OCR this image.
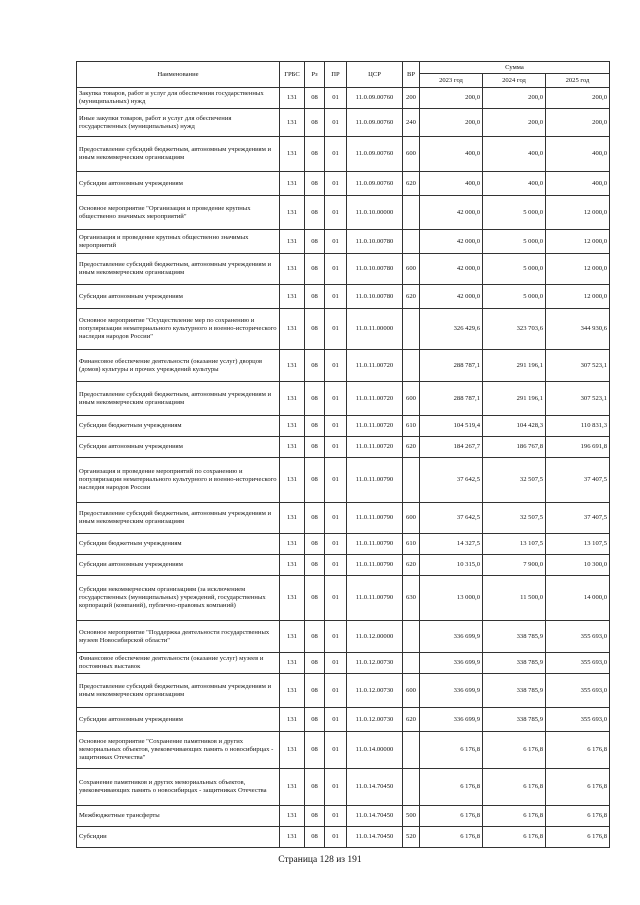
Наименование	ГРБС	Рз	ПР	ЦСР	ВР	Сумма		
						2023 год	2024 год	2025 год
Закупка товаров, работ и услуг для обеспечения государственных (муниципальных) нужд	131	08	01	11.0.09.00760	200	200,0	200,0	200,0
Иные закупки товаров, работ и услуг для обеспечения государственных (муниципальных) нужд	131	08	01	11.0.09.00760	240	200,0	200,0	200,0
Предоставление субсидий бюджетным, автономным учреждениям и иным некоммерческим организациям	131	08	01	11.0.09.00760	600	400,0	400,0	400,0
Субсидии автономным учреждениям	131	08	01	11.0.09.00760	620	400,0	400,0	400,0
Основное мероприятие "Организация и проведение крупных общественно значимых мероприятий"	131	08	01	11.0.10.00000		42 000,0	5 000,0	12 000,0
Организация и проведение крупных общественно значимых мероприятий	131	08	01	11.0.10.00780		42 000,0	5 000,0	12 000,0
Предоставление субсидий бюджетным, автономным учреждениям и иным некоммерческим организациям	131	08	01	11.0.10.00780	600	42 000,0	5 000,0	12 000,0
Субсидии автономным учреждениям	131	08	01	11.0.10.00780	620	42 000,0	5 000,0	12 000,0
Основное мероприятие "Осуществление мер по сохранению и популяризации нематериального культурного и военно-исторического наследия народов России"	131	08	01	11.0.11.00000		326 429,6	323 703,6	344 930,6
Финансовое обеспечение деятельности (оказание услуг) дворцов (домов) культуры и прочих учреждений культуры	131	08	01	11.0.11.00720		288 787,1	291 196,1	307 523,1
Предоставление субсидий бюджетным, автономным учреждениям и иным некоммерческим организациям	131	08	01	11.0.11.00720	600	288 787,1	291 196,1	307 523,1
Субсидии бюджетным учреждениям	131	08	01	11.0.11.00720	610	104 519,4	104 428,3	110 831,3
Субсидии автономным учреждениям	131	08	01	11.0.11.00720	620	184 267,7	186 767,8	196 691,8
Организация и проведение мероприятий по сохранению и популяризации нематериального культурного и военно-исторического наследия народов России	131	08	01	11.0.11.00790		37 642,5	32 507,5	37 407,5
Предоставление субсидий бюджетным, автономным учреждениям и иным некоммерческим организациям	131	08	01	11.0.11.00790	600	37 642,5	32 507,5	37 407,5
Субсидии бюджетным учреждениям	131	08	01	11.0.11.00790	610	14 327,5	13 107,5	13 107,5
Субсидии автономным учреждениям	131	08	01	11.0.11.00790	620	10 315,0	7 900,0	10 300,0
Субсидии некоммерческим организациям (за исключением государственных (муниципальных) учреждений, государственных корпораций (компаний), публично-правовых компаний)	131	08	01	11.0.11.00790	630	13 000,0	11 500,0	14 000,0
Основное мероприятие "Поддержка деятельности государственных музеев Новосибирской области"	131	08	01	11.0.12.00000		336 699,9	338 785,9	355 693,0
Финансовое обеспечение деятельности (оказание услуг) музеев и постоянных выставок	131	08	01	11.0.12.00730		336 699,9	338 785,9	355 693,0
Предоставление субсидий бюджетным, автономным учреждениям и иным некоммерческим организациям	131	08	01	11.0.12.00730	600	336 699,9	338 785,9	355 693,0
Субсидии автономным учреждениям	131	08	01	11.0.12.00730	620	336 699,9	338 785,9	355 693,0
Основное мероприятие "Сохранение памятников и других мемориальных объектов, увековечивающих память о новосибирцах - защитниках Отечества"	131	08	01	11.0.14.00000		6 176,8	6 176,8	6 176,8
Сохранение памятников и других мемориальных объектов, увековечивающих память о новосибирцах - защитниках Отечества	131	08	01	11.0.14.70450		6 176,8	6 176,8	6 176,8
Межбюджетные трансферты	131	08	01	11.0.14.70450	500	6 176,8	6 176,8	6 176,8
Субсидии	131	08	01	11.0.14.70450	520	6 176,8	6 176,8	6 176,8
Страница 128 из 191
